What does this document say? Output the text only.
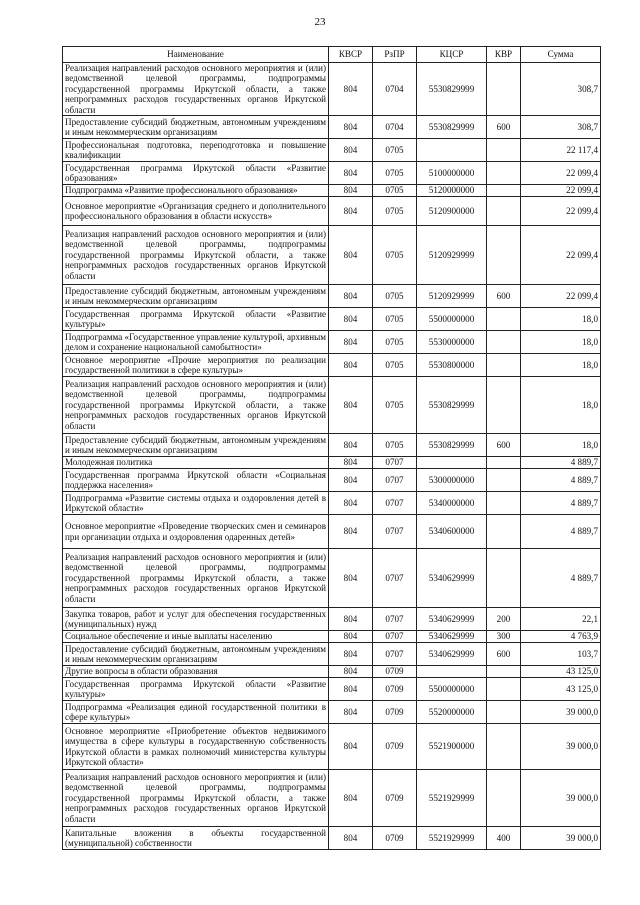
23
Наименование	КВСР	РзПР	КЦСР	КВР	Сумма
Реализация направлений расходов основного мероприятия и (или) ведомственной целевой программы, подпрограммы государственной программы Иркутской области, а также непрограммных расходов государственных органов Иркутской области	804	0704	5530829999		308,7
Предоставление субсидий бюджетным, автономным учреждениям и иным некоммерческим организациям	804	0704	5530829999	600	308,7
Профессиональная подготовка, переподготовка и повышение квалификации	804	0705			22 117,4
Государственная программа Иркутской области «Развитие образования»	804	0705	5100000000		22 099,4
Подпрограмма «Развитие профессионального образования»	804	0705	5120000000		22 099,4
Основное мероприятие «Организация среднего и дополнительного профессионального образования в области искусств»	804	0705	5120900000		22 099,4
Реализация направлений расходов основного мероприятия и (или) ведомственной целевой программы, подпрограммы государственной программы Иркутской области, а также непрограммных расходов государственных органов Иркутской области	804	0705	5120929999		22 099,4
Предоставление субсидий бюджетным, автономным учреждениям и иным некоммерческим организациям	804	0705	5120929999	600	22 099,4
Государственная программа Иркутской области «Развитие культуры»	804	0705	5500000000		18,0
Подпрограмма «Государственное управление культурой, архивным делом и сохранение национальной самобытности»	804	0705	5530000000		18,0
Основное мероприятие «Прочие мероприятия по реализации государственной политики в сфере культуры»	804	0705	5530800000		18,0
Реализация направлений расходов основного мероприятия и (или) ведомственной целевой программы, подпрограммы государственной программы Иркутской области, а также непрограммных расходов государственных органов Иркутской области	804	0705	5530829999		18,0
Предоставление субсидий бюджетным, автономным учреждениям и иным некоммерческим организациям	804	0705	5530829999	600	18,0
Молодежная политика	804	0707			4 889,7
Государственная программа Иркутской области «Социальная поддержка населения»	804	0707	5300000000		4 889,7
Подпрограмма «Развитие системы отдыха и оздоровления детей в Иркутской области»	804	0707	5340000000		4 889,7
Основное мероприятие «Проведение творческих смен и семинаров при организации отдыха и оздоровления одаренных детей»	804	0707	5340600000		4 889,7
Реализация направлений расходов основного мероприятия и (или) ведомственной целевой программы, подпрограммы государственной программы Иркутской области, а также непрограммных расходов государственных органов Иркутской области	804	0707	5340629999		4 889,7
Закупка товаров, работ и услуг для обеспечения государственных (муниципальных) нужд	804	0707	5340629999	200	22,1
Социальное обеспечение и иные выплаты населению	804	0707	5340629999	300	4 763,9
Предоставление субсидий бюджетным, автономным учреждениям и иным некоммерческим организациям	804	0707	5340629999	600	103,7
Другие вопросы в области образования	804	0709			43 125,0
Государственная программа Иркутской области «Развитие культуры»	804	0709	5500000000		43 125,0
Подпрограмма «Реализация единой государственной политики в сфере культуры»	804	0709	5520000000		39 000,0
Основное мероприятие «Приобретение объектов недвижимого имущества в сфере культуры в государственную собственность Иркутской области в рамках полномочий министерства культуры Иркутской области»	804	0709	5521900000		39 000,0
Реализация направлений расходов основного мероприятия и (или) ведомственной целевой программы, подпрограммы государственной программы Иркутской области, а также непрограммных расходов государственных органов Иркутской области	804	0709	5521929999		39 000,0
Капитальные вложения в объекты государственной (муниципальной) собственности	804	0709	5521929999	400	39 000,0
